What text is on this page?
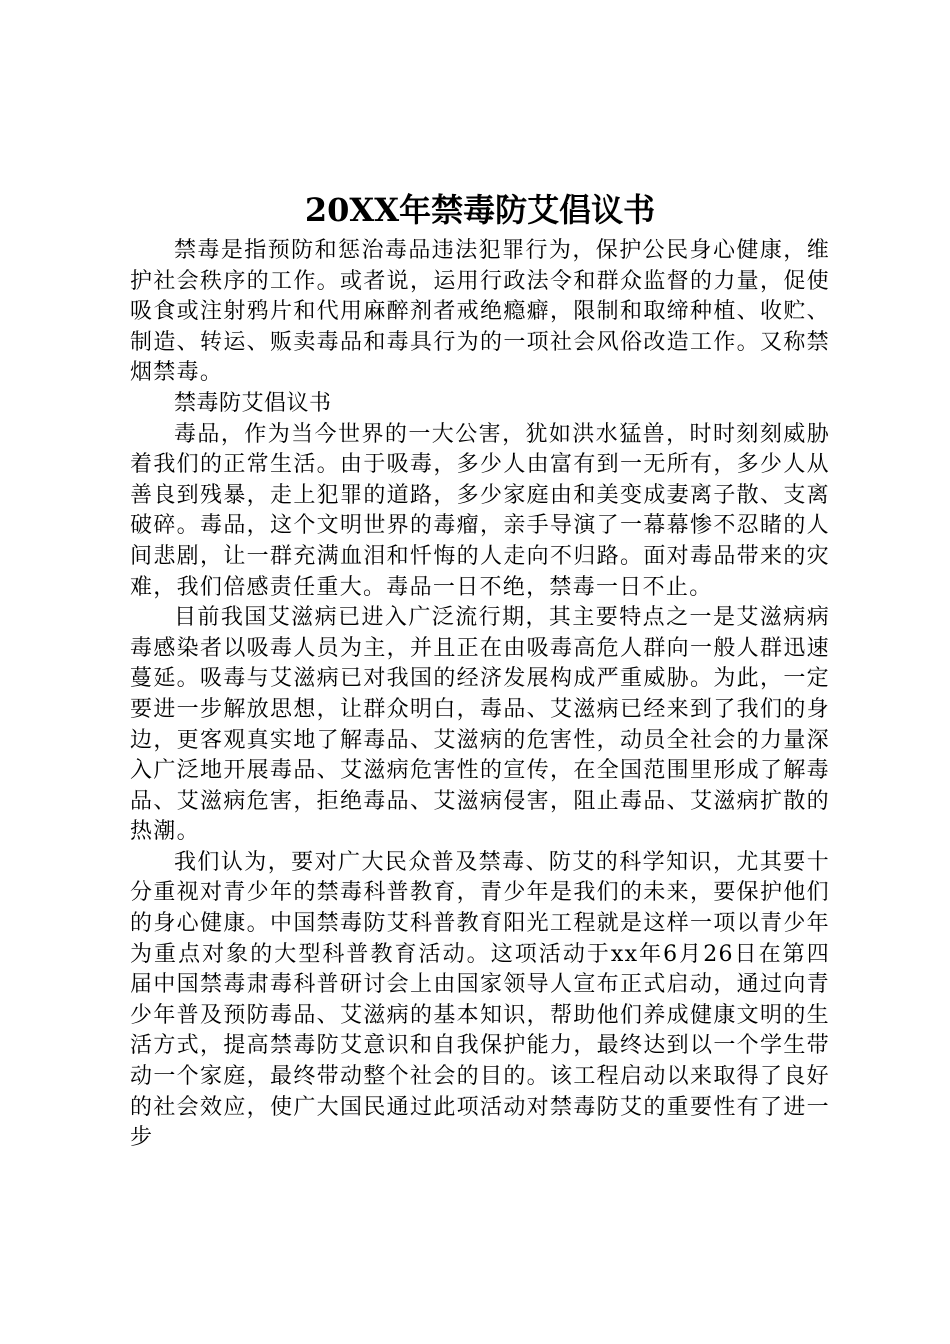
20XX年禁毒防艾倡议书

禁毒是指预防和惩治毒品违法犯罪行为，保护公民身心健康，维护社会秩序的工作。或者说，运用行政法令和群众监督的力量，促使吸食或注射鸦片和代用麻醉剂者戒绝瘾癖，限制和取缔种植、收贮、制造、转运、贩卖毒品和毒具行为的一项社会风俗改造工作。又称禁烟禁毒。

禁毒防艾倡议书

毒品，作为当今世界的一大公害，犹如洪水猛兽，时时刻刻威胁着我们的正常生活。由于吸毒，多少人由富有到一无所有，多少人从善良到残暴，走上犯罪的道路，多少家庭由和美变成妻离子散、支离破碎。毒品，这个文明世界的毒瘤，亲手导演了一幕幕惨不忍睹的人间悲剧，让一群充满血泪和忏悔的人走向不归路。面对毒品带来的灾难，我们倍感责任重大。毒品一日不绝，禁毒一日不止。

目前我国艾滋病已进入广泛流行期，其主要特点之一是艾滋病病毒感染者以吸毒人员为主，并且正在由吸毒高危人群向一般人群迅速蔓延。吸毒与艾滋病已对我国的经济发展构成严重威胁。为此，一定要进一步解放思想，让群众明白，毒品、艾滋病已经来到了我们的身边，更客观真实地了解毒品、艾滋病的危害性，动员全社会的力量深入广泛地开展毒品、艾滋病危害性的宣传，在全国范围里形成了解毒品、艾滋病危害，拒绝毒品、艾滋病侵害，阻止毒品、艾滋病扩散的热潮。

我们认为，要对广大民众普及禁毒、防艾的科学知识，尤其要十分重视对青少年的禁毒科普教育，青少年是我们的未来，要保护他们的身心健康。中国禁毒防艾科普教育阳光工程就是这样一项以青少年为重点对象的大型科普教育活动。这项活动于xx年6月26日在第四届中国禁毒肃毒科普研讨会上由国家领导人宣布正式启动，通过向青少年普及预防毒品、艾滋病的基本知识，帮助他们养成健康文明的生活方式，提高禁毒防艾意识和自我保护能力，最终达到以一个学生带动一个家庭，最终带动整个社会的目的。该工程启动以来取得了良好的社会效应，使广大国民通过此项活动对禁毒防艾的重要性有了进一步
